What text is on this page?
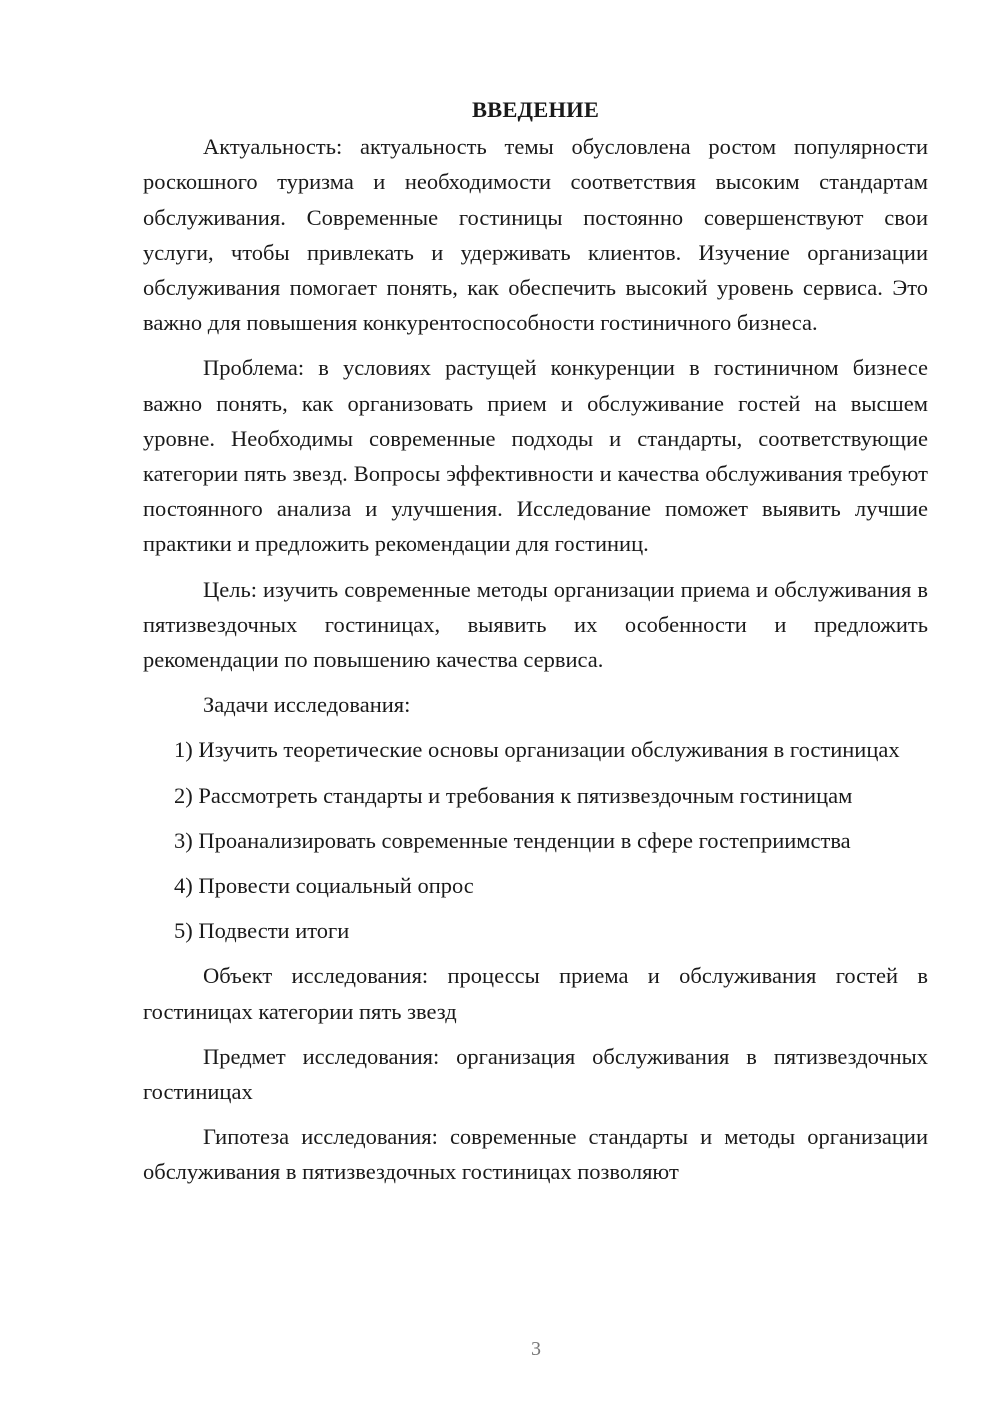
ВВЕДЕНИЕ

Актуальность: актуальность темы обусловлена ростом популярности роскошного туризма и необходимости соответствия высоким стандартам обслуживания. Современные гостиницы постоянно совершенствуют свои услуги, чтобы привлекать и удерживать клиентов. Изучение организации обслуживания помогает понять, как обеспечить высокий уровень сервиса. Это важно для повышения конкурентоспособности гостиничного бизнеса.

Проблема: в условиях растущей конкуренции в гостиничном бизнесе важно понять, как организовать прием и обслуживание гостей на высшем уровне. Необходимы современные подходы и стандарты, соответствующие категории пять звезд. Вопросы эффективности и качества обслуживания требуют постоянного анализа и улучшения. Исследование поможет выявить лучшие практики и предложить рекомендации для гостиниц.

Цель: изучить современные методы организации приема и обслуживания в пятизвездочных гостиницах, выявить их особенности и предложить рекомендации по повышению качества сервиса.

Задачи исследования:

1) Изучить теоретические основы организации обслуживания в гостиницах

2) Рассмотреть стандарты и требования к пятизвездочным гостиницам

3) Проанализировать современные тенденции в сфере гостеприимства

4) Провести социальный опрос

5) Подвести итоги

Объект исследования: процессы приема и обслуживания гостей в гостиницах категории пять звезд

Предмет исследования: организация обслуживания в пятизвездочных гостиницах

Гипотеза исследования: современные стандарты и методы организации обслуживания в пятизвездочных гостиницах позволяют

3
